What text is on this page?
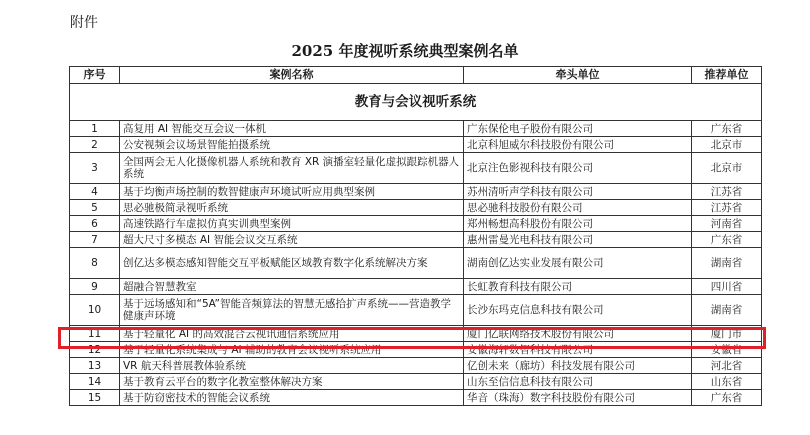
附件
2025 年度视听系统典型案例名单
序号	案例名称	牵头单位	推荐单位
教育与会议视听系统			
1	高复用 AI 智能交互会议一体机	广东保伦电子股份有限公司	广东省
2	公安视频会议场景智能拍摄系统	北京科旭威尔科技股份有限公司	北京市
3	全国两会无人化摄像机器人系统和教育 XR 演播室轻量化虚拟跟踪机器人系统	北京注色影视科技有限公司	北京市
4	基于均衡声场控制的数智健康声环境试听应用典型案例	苏州清听声学科技有限公司	江苏省
5	思必驰极简录视听系统	思必驰科技股份有限公司	江苏省
6	高速铁路行车虚拟仿真实训典型案例	郑州畅想高科股份有限公司	河南省
7	超大尺寸多模态 AI 智能会议交互系统	惠州雷曼光电科技有限公司	广东省
8	创亿达多模态感知智能交互平板赋能区域教育数字化系统解决方案	湖南创亿达实业发展有限公司	湖南省
9	超融合智慧教室	长虹教育科技有限公司	四川省
10	基于远场感知和“5A”智能音频算法的智慧无感拾扩声系统——营造教学健康声环境	长沙东玛克信息科技有限公司	湖南省
11	基于轻量化 AI 的高效混合云视讯通信系统应用	厦门亿联网络技术股份有限公司	厦门市
12	基于轻量化系统集成与 AI 辅助的教育会议视听系统应用	安徽海轩数智科技有限公司	安徽省
13	VR 航天科普展教体验系统	亿创未来（廊坊）科技发展有限公司	河北省
14	基于教育云平台的数字化教室整体解决方案	山东至信信息科技有限公司	山东省
15	基于防窃密技术的智能会议系统	华音（珠海）数字科技股份有限公司	广东省
